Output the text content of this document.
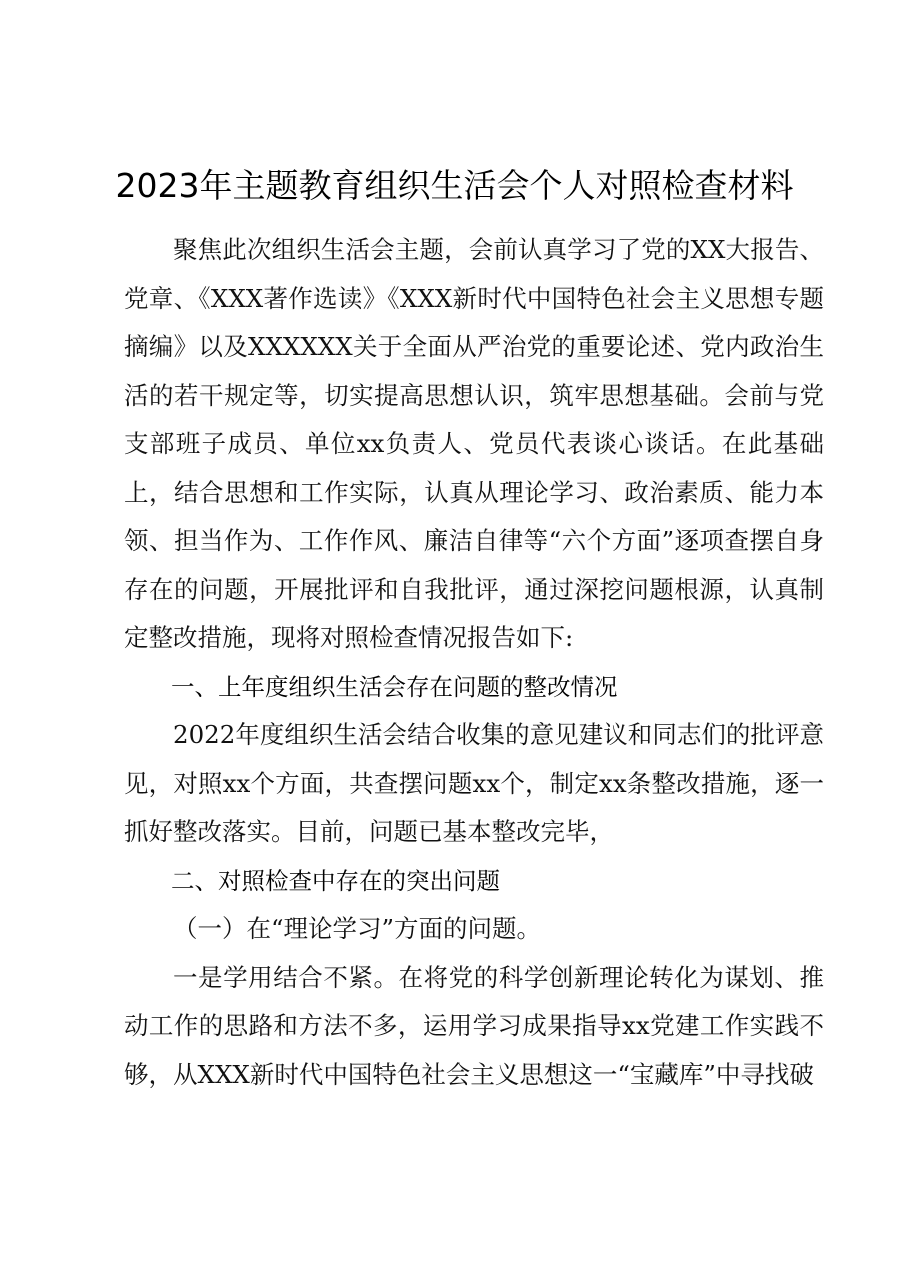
2023年主题教育组织生活会个人对照检查材料

聚焦此次组织生活会主题，会前认真学习了党的XX大报告、党章、《XXX著作选读》《XXX新时代中国特色社会主义思想专题摘编》以及XXXXXX关于全面从严治党的重要论述、党内政治生活的若干规定等，切实提高思想认识，筑牢思想基础。会前与党支部班子成员、单位xx负责人、党员代表谈心谈话。在此基础上，结合思想和工作实际，认真从理论学习、政治素质、能力本领、担当作为、工作作风、廉洁自律等“六个方面”逐项查摆自身存在的问题，开展批评和自我批评，通过深挖问题根源，认真制定整改措施，现将对照检查情况报告如下:

一、上年度组织生活会存在问题的整改情况

2022年度组织生活会结合收集的意见建议和同志们的批评意见，对照xx个方面，共查摆问题xx个，制定xx条整改措施，逐一抓好整改落实。目前，问题已基本整改完毕，

二、对照检查中存在的突出问题

（一）在“理论学习”方面的问题。

一是学用结合不紧。在将党的科学创新理论转化为谋划、推动工作的思路和方法不多，运用学习成果指导xx党建工作实践不够，从XXX新时代中国特色社会主义思想这一“宝藏库”中寻找破
